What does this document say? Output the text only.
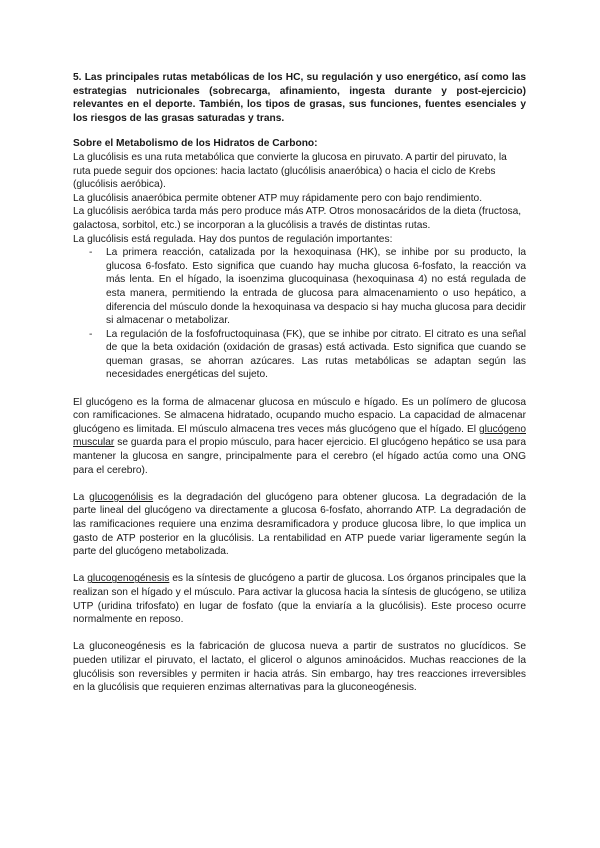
5. Las principales rutas metabólicas de los HC, su regulación y uso energético, así como las estrategias nutricionales (sobrecarga, afinamiento, ingesta durante y post-ejercicio) relevantes en el deporte. También, los tipos de grasas, sus funciones, fuentes esenciales y los riesgos de las grasas saturadas y trans.

Sobre el Metabolismo de los Hidratos de Carbono:

La glucólisis es una ruta metabólica que convierte la glucosa en piruvato. A partir del piruvato, la ruta puede seguir dos opciones: hacia lactato (glucólisis anaeróbica) o hacia el ciclo de Krebs (glucólisis aeróbica).

La glucólisis anaeróbica permite obtener ATP muy rápidamente pero con bajo rendimiento.

La glucólisis aeróbica tarda más pero produce más ATP. Otros monosacáridos de la dieta (fructosa, galactosa, sorbitol, etc.) se incorporan a la glucólisis a través de distintas rutas.

La glucólisis está regulada. Hay dos puntos de regulación importantes:

- La primera reacción, catalizada por la hexoquinasa (HK), se inhibe por su producto, la glucosa 6-fosfato. Esto significa que cuando hay mucha glucosa 6-fosfato, la reacción va más lenta. En el hígado, la isoenzima glucoquinasa (hexoquinasa 4) no está regulada de esta manera, permitiendo la entrada de glucosa para almacenamiento o uso hepático, a diferencia del músculo donde la hexoquinasa va despacio si hay mucha glucosa para decidir si almacenar o metabolizar.
- La regulación de la fosfofructoquinasa (FK), que se inhibe por citrato. El citrato es una señal de que la beta oxidación (oxidación de grasas) está activada. Esto significa que cuando se queman grasas, se ahorran azúcares. Las rutas metabólicas se adaptan según las necesidades energéticas del sujeto.

El glucógeno es la forma de almacenar glucosa en músculo e hígado. Es un polímero de glucosa con ramificaciones. Se almacena hidratado, ocupando mucho espacio. La capacidad de almacenar glucógeno es limitada. El músculo almacena tres veces más glucógeno que el hígado. El glucógeno muscular se guarda para el propio músculo, para hacer ejercicio. El glucógeno hepático se usa para mantener la glucosa en sangre, principalmente para el cerebro (el hígado actúa como una ONG para el cerebro).

La glucogenólisis es la degradación del glucógeno para obtener glucosa. La degradación de la parte lineal del glucógeno va directamente a glucosa 6-fosfato, ahorrando ATP. La degradación de las ramificaciones requiere una enzima desramificadora y produce glucosa libre, lo que implica un gasto de ATP posterior en la glucólisis. La rentabilidad en ATP puede variar ligeramente según la parte del glucógeno metabolizada.

La glucogenogénesis es la síntesis de glucógeno a partir de glucosa. Los órganos principales que la realizan son el hígado y el músculo. Para activar la glucosa hacia la síntesis de glucógeno, se utiliza UTP (uridina trifosfato) en lugar de fosfato (que la enviaría a la glucólisis). Este proceso ocurre normalmente en reposo.

La gluconeogénesis es la fabricación de glucosa nueva a partir de sustratos no glucídicos. Se pueden utilizar el piruvato, el lactato, el glicerol o algunos aminoácidos. Muchas reacciones de la glucólisis son reversibles y permiten ir hacia atrás. Sin embargo, hay tres reacciones irreversibles en la glucólisis que requieren enzimas alternativas para la gluconeogénesis.
